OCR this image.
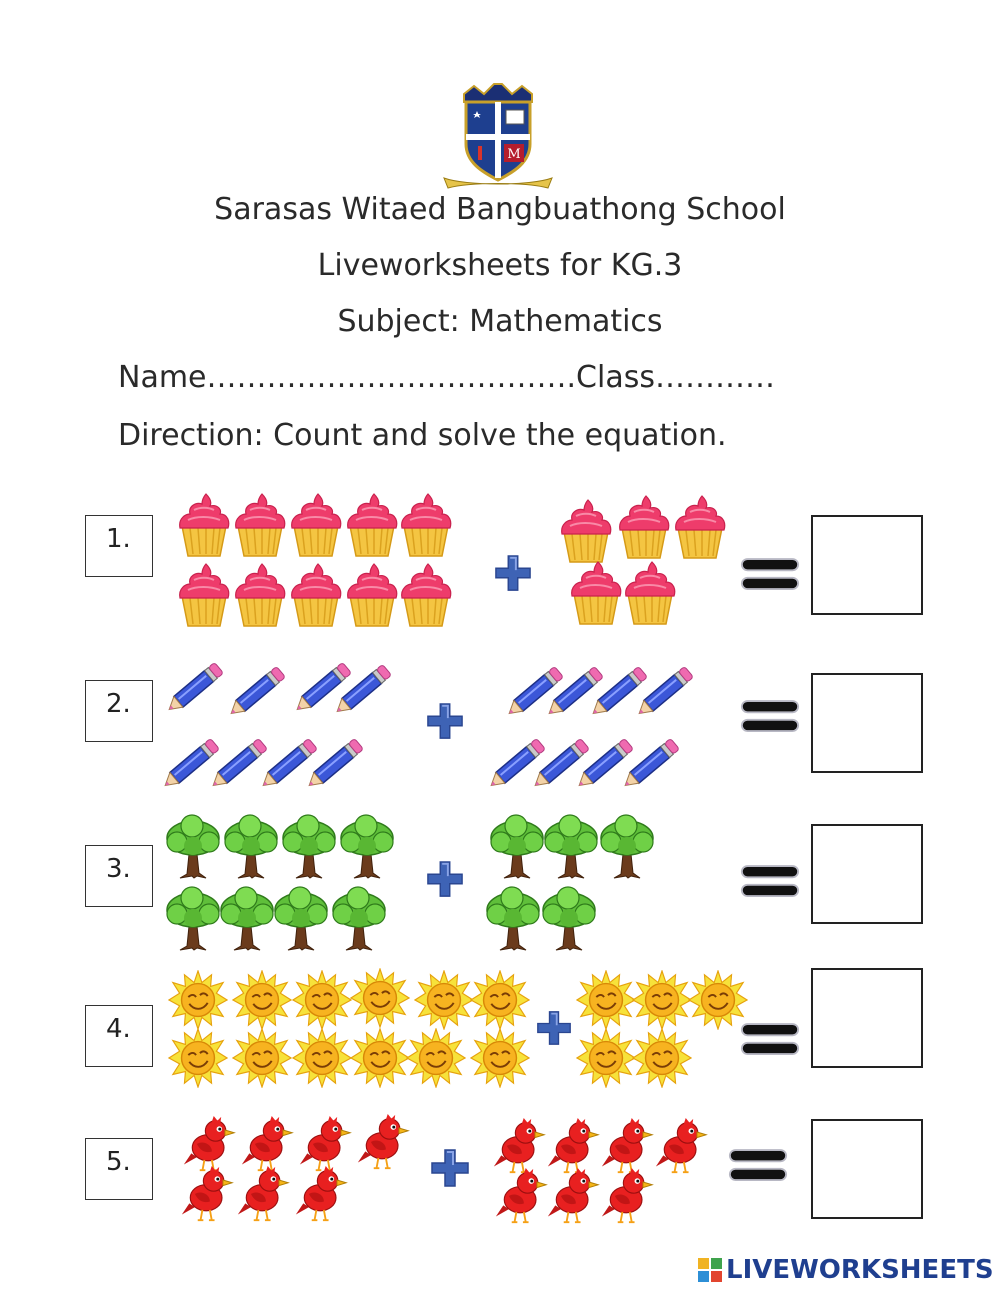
M
Sarasas Witaed Bangbuathong School
Liveworksheets for KG.3
Subject: Mathematics
Name……………………………….Class…………
Direction: Count and solve the equation.
1.
2.
3.
4.
5.
LIVEWORKSHEETS
